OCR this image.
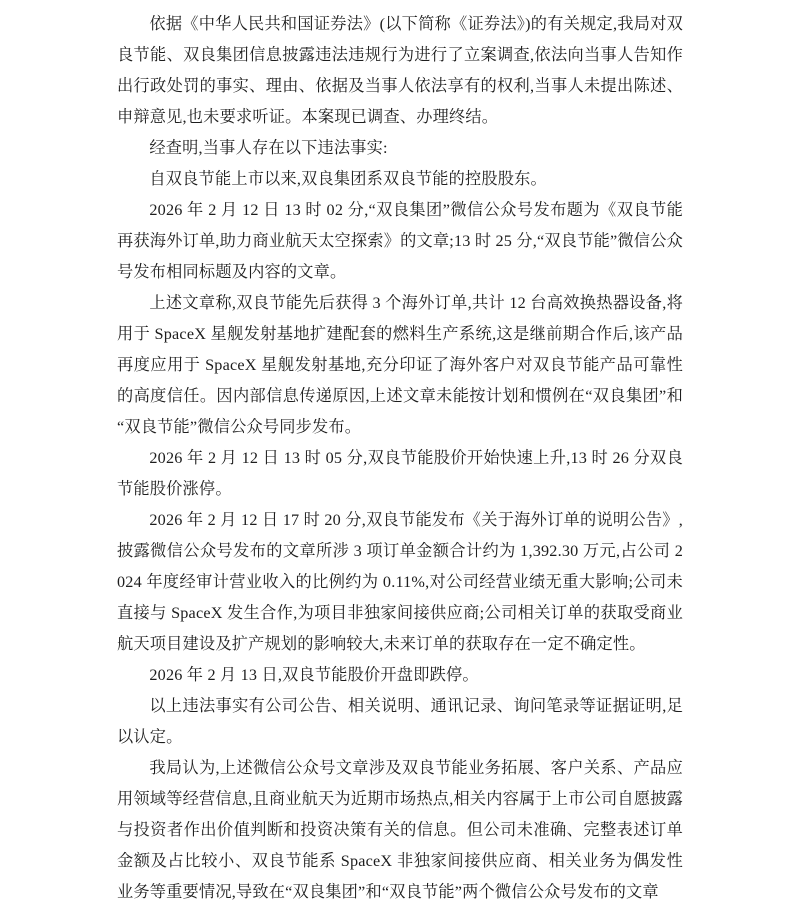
依据《中华人民共和国证券法》(以下简称《证券法》)的有关规定,我局对双良节能、双良集团信息披露违法违规行为进行了立案调查,依法向当事人告知作出行政处罚的事实、理由、依据及当事人依法享有的权利,当事人未提出陈述、申辩意见,也未要求听证。本案现已调查、办理终结。

经查明,当事人存在以下违法事实:

自双良节能上市以来,双良集团系双良节能的控股股东。

2026 年 2 月 12 日 13 时 02 分,“双良集团”微信公众号发布题为《双良节能再获海外订单,助力商业航天太空探索》的文章;13 时 25 分,“双良节能”微信公众号发布相同标题及内容的文章。

上述文章称,双良节能先后获得 3 个海外订单,共计 12 台高效换热器设备,将用于 SpaceX 星舰发射基地扩建配套的燃料生产系统,这是继前期合作后,该产品再度应用于 SpaceX 星舰发射基地,充分印证了海外客户对双良节能产品可靠性的高度信任。因内部信息传递原因,上述文章未能按计划和惯例在“双良集团”和“双良节能”微信公众号同步发布。

2026 年 2 月 12 日 13 时 05 分,双良节能股价开始快速上升,13 时 26 分双良节能股价涨停。

2026 年 2 月 12 日 17 时 20 分,双良节能发布《关于海外订单的说明公告》,披露微信公众号发布的文章所涉 3 项订单金额合计约为 1,392.30 万元,占公司 2024 年度经审计营业收入的比例约为 0.11%,对公司经营业绩无重大影响;公司未直接与 SpaceX 发生合作,为项目非独家间接供应商;公司相关订单的获取受商业航天项目建设及扩产规划的影响较大,未来订单的获取存在一定不确定性。

2026 年 2 月 13 日,双良节能股价开盘即跌停。

以上违法事实有公司公告、相关说明、通讯记录、询问笔录等证据证明,足以认定。

我局认为,上述微信公众号文章涉及双良节能业务拓展、客户关系、产品应用领域等经营信息,且商业航天为近期市场热点,相关内容属于上市公司自愿披露与投资者作出价值判断和投资决策有关的信息。但公司未准确、完整表述订单金额及占比较小、双良节能系 SpaceX 非独家间接供应商、相关业务为偶发性业务等重要情况,导致在“双良集团”和“双良节能”两个微信公众号发布的文章
